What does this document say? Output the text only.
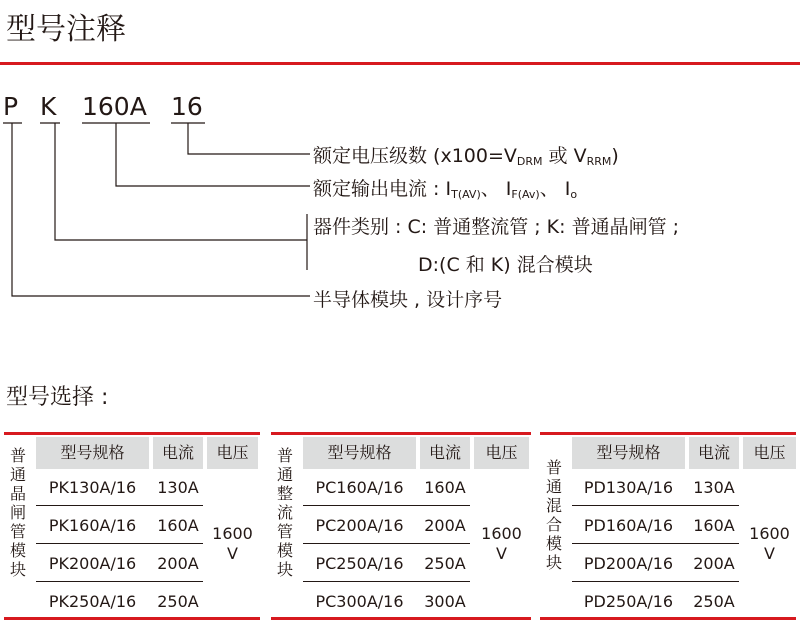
型号注释
P K 160A 16
额定电压级数 ($x100=V_{DRM}$ 或 $V_{RRM}$)
额定输出电流 : $I_{T(AV)}$、 $I_{F(Av)}$、 $I_o$
器件类别 : C: 普通整流管 ; K: 普通晶闸管 ;
D:(C 和 K) 混合模块
半导体模块 , 设计序号
型号选择 :
普通晶闸管模块
型号规格	电流	电压
PK130A/16	130A
PK160A/16	160A
PK200A/16	200A
PK250A/16	250A
1600
V
普通整流管模块
型号规格	电流	电压
PC160A/16	160A
PC200A/16	200A
PC250A/16	250A
PC300A/16	300A
1600
V
普通混合模块
型号规格	电流	电压
PD130A/16	130A
PD160A/16	160A
PD200A/16	200A
PD250A/16	250A
1600
V
